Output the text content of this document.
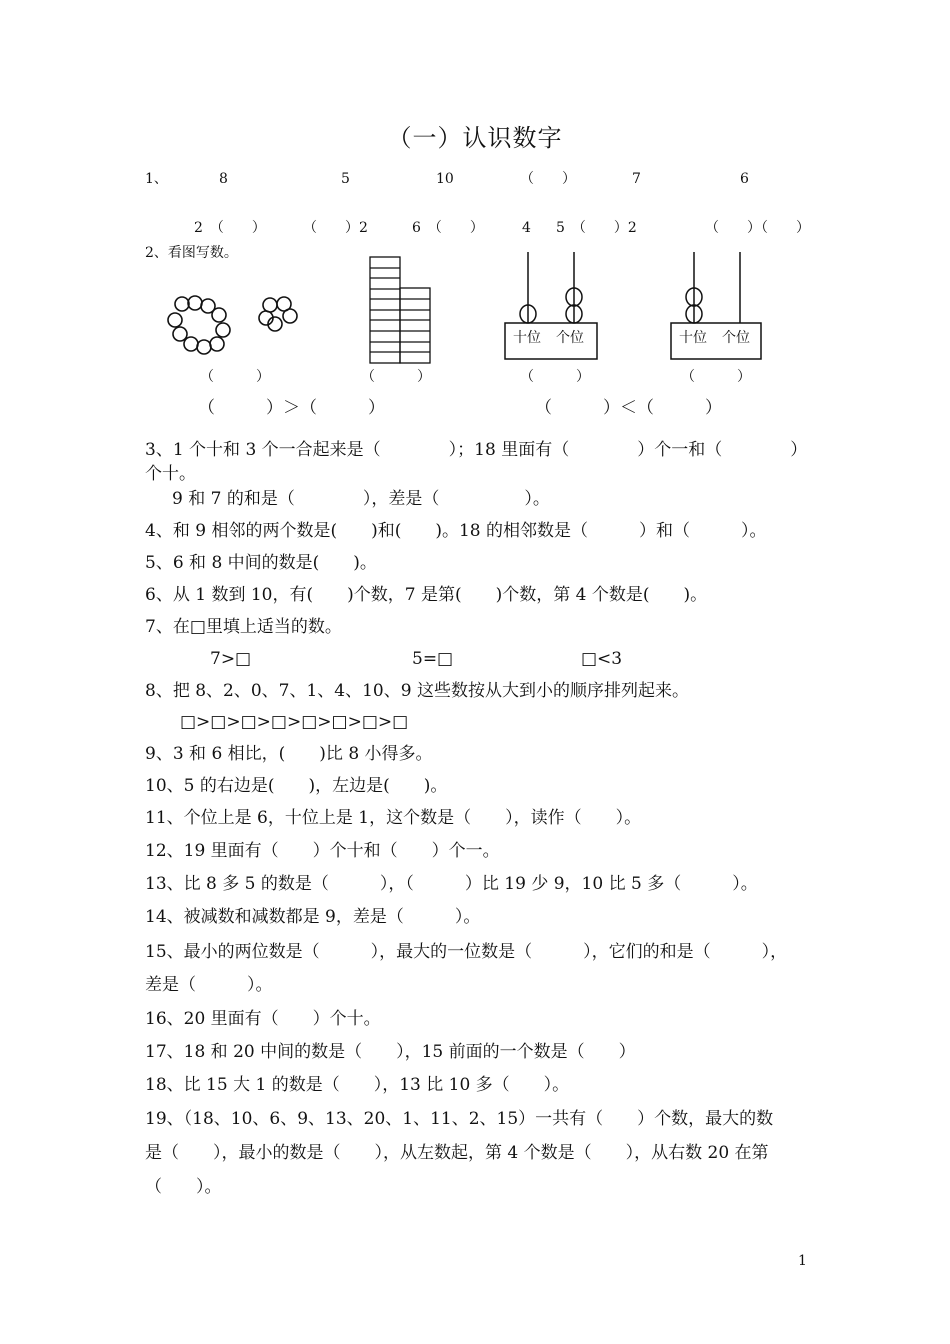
（一）认识数字
1、	8	5	10	（　　）	7	6
2　（　　）	（　　）2	6　（　　）	4 5　（　　）2	（　　）（　　）
2、看图写数。
十位 个位	十位 个位
（　　　）	（　　　）	（　　　）	（　　　）
（　　　）＞（　　　）	（　　　）＜（　　　）
3、1 个十和 3 个一合起来是（　　　　）；18 里面有（　　　　）个一和（　　　　）
个十。
9 和 7 的和是（　　　　），差是（　　　　　）。
4、和 9 相邻的两个数是(　　)和(　　)。18 的相邻数是（　　　）和（　　　）。
5、6 和 8 中间的数是(　　)。
6、从 1 数到 10，有(　　)个数，7 是第(　　)个数，第 4 个数是(　　)。
7、在□里填上适当的数。
7>□	5=□	□<3
8、把 8、2、0、7、1、4、10、9 这些数按从大到小的顺序排列起来。
□>□>□>□>□>□>□>□
9、3 和 6 相比，(　　)比 8 小得多。
10、5 的右边是(　　)，左边是(　　)。
11、个位上是 6，十位上是 1，这个数是（　　），读作（　　）。
12、19 里面有（　　）个十和（　　）个一。
13、比 8 多 5 的数是（　　　），（　　　）比 19 少 9，10 比 5 多（　　　）。
14、被减数和减数都是 9，差是（　　　）。
15、最小的两位数是（　　　），最大的一位数是（　　　），它们的和是（　　　），
差是（　　　）。
16、20 里面有（　　）个十。
17、18 和 20 中间的数是（　　），15 前面的一个数是（　　）
18、比 15 大 1 的数是（　　），13 比 10 多（　　）。
19、（18、10、6、9、13、20、1、11、2、15）一共有（　　）个数，最大的数
是（　　），最小的数是（　　），从左数起，第 4 个数是（　　），从右数 20 在第
（　　）。
1
